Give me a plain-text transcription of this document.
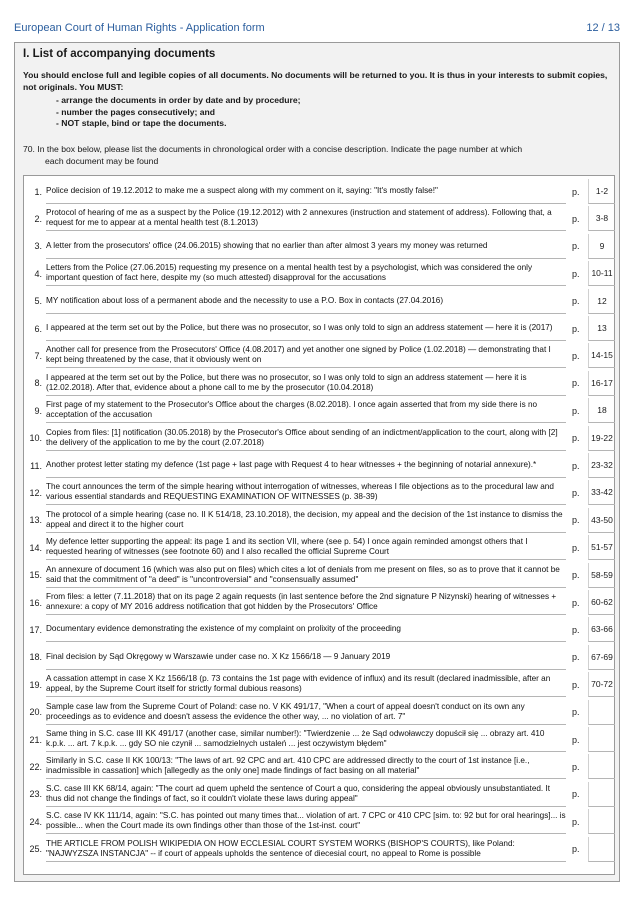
European Court of Human Rights - Application form	12 / 13
I. List of accompanying documents

You should enclose full and legible copies of all documents. No documents will be returned to you. It is thus in your interests to submit copies, not originals. You MUST:

- arrange the documents in order by date and by procedure;
- number the pages consecutively; and
- NOT staple, bind or tape the documents.
70. In the box below, please list the documents in chronological order with a concise description. Indicate the page number at which
each document may be found
1. Police decision of 19.12.2012 to make me a suspect along with my comment on it, saying: "It's mostly false!"	p.	1-2
2.
Protocol of hearing of me as a suspect by the Police (19.12.2012) with 2 annexures (instruction and statement of address). Following that, a request for me to appear at a mental health test (8.1.2013)	p.	3-8
3. A letter from the prosecutors' office (24.06.2015) showing that no earlier than after almost 3 years my money was returned	p.	9
4.
Letters from the Police (27.06.2015) requesting my presence on a mental health test by a psychologist, which was considered the only important question of fact here, despite my (so much attested) disapproval for the accusations	p.	10-11
5. MY notification about loss of a permanent abode and the necessity to use a P.O. Box in contacts (27.04.2016)	p.	12
6. I appeared at the term set out by the Police, but there was no prosecutor, so I was only told to sign an address statement — here it is (2017)	p.	13
7.
Another call for presence from the Prosecutors' Office (4.08.2017) and yet another one signed by Police (1.02.2018) — demonstrating that I kept being threatened by the case, that it obviously went on	p.	14-15
8.
I appeared at the term set out by the Police, but there was no prosecutor, so I was only told to sign an address statement — here it is (12.02.2018). After that, evidence about a phone call to me by the prosecutor (10.04.2018)	p.	16-17
9.
First page of my statement to the Prosecutor's Office about the charges (8.02.2018). I once again asserted that from my side there is no acceptation of the accusation	p.	18
10.
Copies from files: [1] notification (30.05.2018) by the Prosecutor's Office about sending of an indictment/application to the court, along with [2] the delivery of the application to me by the court (2.07.2018)	p.	19-22
11. Another protest letter stating my defence (1st page + last page with Request 4 to hear witnesses + the beginning of notarial annexure).*	p.	23-32
12.
The court announces the term of the simple hearing without interrogation of witnesses, whereas I file objections as to the procedural law and various essential standards and REQUESTING EXAMINATION OF WITNESSES (p. 38-39)	p.	33-42
13.
The protocol of a simple hearing (case no. II K 514/18, 23.10.2018), the decision, my appeal and the decision of the 1st instance to dismiss the appeal and direct it to the higher court	p.	43-50
14.
My defence letter supporting the appeal: its page 1 and its section VII, where (see p. 54) I once again reminded amongst others that I requested hearing of witnesses (see footnote 60) and I also recalled the official Supreme Court	p.	51-57
15.
An annexure of document 16 (which was also put on files) which cites a lot of denials from me present on files, so as to prove that it cannot be said that the commitment of "a deed" is "uncontroversial" and "consensually assumed"	p.	58-59
16.
From files: a letter (7.11.2018) that on its page 2 again requests (in last sentence before the 2nd signature P Nizynski) hearing of witnesses + annexure: a copy of MY 2016 address notification that got hidden by the Prosecutors' Office	p.	60-62
17. Documentary evidence demonstrating the existence of my complaint on prolixity of the proceeding	p.	63-66
18. Final decision by Sąd Okręgowy w Warszawie under case no. X Kz 1566/18 — 9 January 2019	p.	67-69
19.
A cassation attempt in case X Kz 1566/18 (p. 73 contains the 1st page with evidence of influx) and its result (declared inadmissible, after an appeal, by the Supreme Court itself for strictly formal dubious reasons)	p.	70-72
20.
Sample case law from the Supreme Court of Poland: case no. V KK 491/17, "When a court of appeal doesn't conduct on its own any proceedings as to evidence and doesn't assess the evidence the other way, ... no violation of art. 7"	p.
21.
Same thing in S.C. case III KK 491/17 (another case, similar number!): "Twierdzenie ... że Sąd odwoławczy dopuścił się ... obrazy art. 410 k.p.k. ... art. 7 k.p.k. ... gdy SO nie czynił ... samodzielnych ustaleń ... jest oczywistym błędem"	p.
22.
Similarly in S.C. case II KK 100/13: "The laws of art. 92 CPC and art. 410 CPC are addressed directly to the court of 1st instance [i.e., inadmissible in cassation] which [allegedly as the only one] made findings of fact basing on all material"	p.
23.
S.C. case III KK 68/14, again: "The court ad quem upheld the sentence of Court a quo, considering the appeal obviously unsubstantiated. It thus did not change the findings of fact, so it couldn't violate these laws during appeal"	p.
24.
S.C. case IV KK 111/14, again: "S.C. has pointed out many times that... violation of art. 7 CPC or 410 CPC [sim. to: 92 but for oral hearings]... is possible... when the Court made its own findings other than those of the 1st-inst. court"	p.
25.
THE ARTICLE FROM POLISH WIKIPEDIA ON HOW ECCLESIAL COURT SYSTEM WORKS (BISHOP'S COURTS), like Poland: "NAJWYZSZA INSTANCJA" -- if court of appeals upholds the sentence of diecesial court, no appeal to Rome is possible	p.
